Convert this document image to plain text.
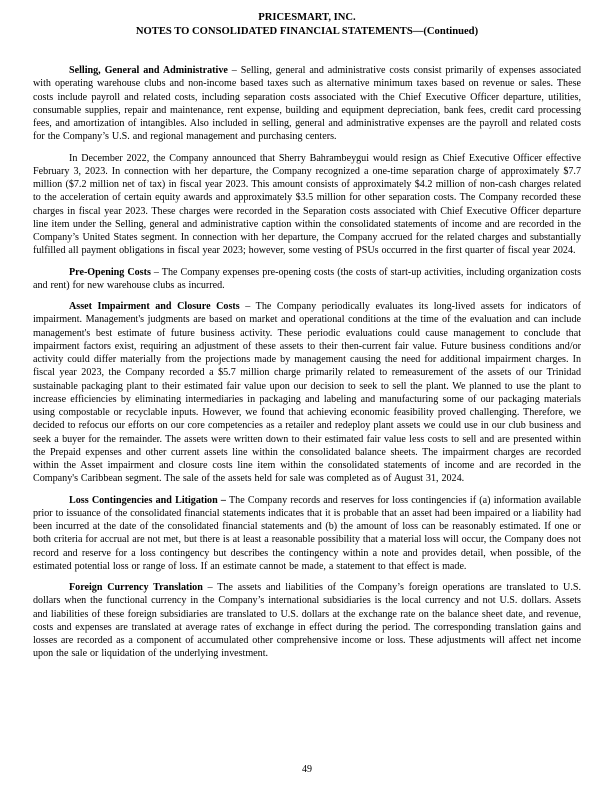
PRICESMART, INC.
NOTES TO CONSOLIDATED FINANCIAL STATEMENTS—(Continued)

Selling, General and Administrative – Selling, general and administrative costs consist primarily of expenses associated with operating warehouse clubs and non-income based taxes such as alternative minimum taxes based on revenue or sales. These costs include payroll and related costs, including separation costs associated with the Chief Executive Officer departure, utilities, consumable supplies, repair and maintenance, rent expense, building and equipment depreciation, bank fees, credit card processing fees, and amortization of intangibles. Also included in selling, general and administrative expenses are the payroll and related costs for the Company’s U.S. and regional management and purchasing centers.

In December 2022, the Company announced that Sherry Bahrambeygui would resign as Chief Executive Officer effective February 3, 2023. In connection with her departure, the Company recognized a one-time separation charge of approximately $7.7 million ($7.2 million net of tax) in fiscal year 2023. This amount consists of approximately $4.2 million of non-cash charges related to the acceleration of certain equity awards and approximately $3.5 million for other separation costs. The Company recorded these charges in fiscal year 2023. These charges were recorded in the Separation costs associated with Chief Executive Officer departure line item under the Selling, general and administrative caption within the consolidated statements of income and are recorded in the Company’s United States segment. In connection with her departure, the Company accrued for the related charges and substantially fulfilled all payment obligations in fiscal year 2023; however, some vesting of PSUs occurred in the first quarter of fiscal year 2024.

Pre-Opening Costs – The Company expenses pre-opening costs (the costs of start-up activities, including organization costs and rent) for new warehouse clubs as incurred.

Asset Impairment and Closure Costs – The Company periodically evaluates its long-lived assets for indicators of impairment. Management's judgments are based on market and operational conditions at the time of the evaluation and can include management's best estimate of future business activity. These periodic evaluations could cause management to conclude that impairment factors exist, requiring an adjustment of these assets to their then-current fair value. Future business conditions and/or activity could differ materially from the projections made by management causing the need for additional impairment charges. In fiscal year 2023, the Company recorded a $5.7 million charge primarily related to remeasurement of the assets of our Trinidad sustainable packaging plant to their estimated fair value upon our decision to seek to sell the plant. We planned to use the plant to increase efficiencies by eliminating intermediaries in packaging and labeling and manufacturing some of our packaging materials using compostable or recyclable inputs. However, we found that achieving economic feasibility proved challenging. Therefore, we decided to refocus our efforts on our core competencies as a retailer and redeploy plant assets we could use in our club business and seek a buyer for the remainder. The assets were written down to their estimated fair value less costs to sell and are presented within the Prepaid expenses and other current assets line within the consolidated balance sheets. The impairment charges are recorded within the Asset impairment and closure costs line item within the consolidated statements of income and are recorded in the Company's Caribbean segment. The sale of the assets held for sale was completed as of August 31, 2024.

Loss Contingencies and Litigation – The Company records and reserves for loss contingencies if (a) information available prior to issuance of the consolidated financial statements indicates that it is probable that an asset had been impaired or a liability had been incurred at the date of the consolidated financial statements and (b) the amount of loss can be reasonably estimated. If one or both criteria for accrual are not met, but there is at least a reasonable possibility that a material loss will occur, the Company does not record and reserve for a loss contingency but describes the contingency within a note and provides detail, when possible, of the estimated potential loss or range of loss. If an estimate cannot be made, a statement to that effect is made.

Foreign Currency Translation – The assets and liabilities of the Company’s foreign operations are translated to U.S. dollars when the functional currency in the Company’s international subsidiaries is the local currency and not U.S. dollars. Assets and liabilities of these foreign subsidiaries are translated to U.S. dollars at the exchange rate on the balance sheet date, and revenue, costs and expenses are translated at average rates of exchange in effect during the period. The corresponding translation gains and losses are recorded as a component of accumulated other comprehensive income or loss. These adjustments will affect net income upon the sale or liquidation of the underlying investment.

49
